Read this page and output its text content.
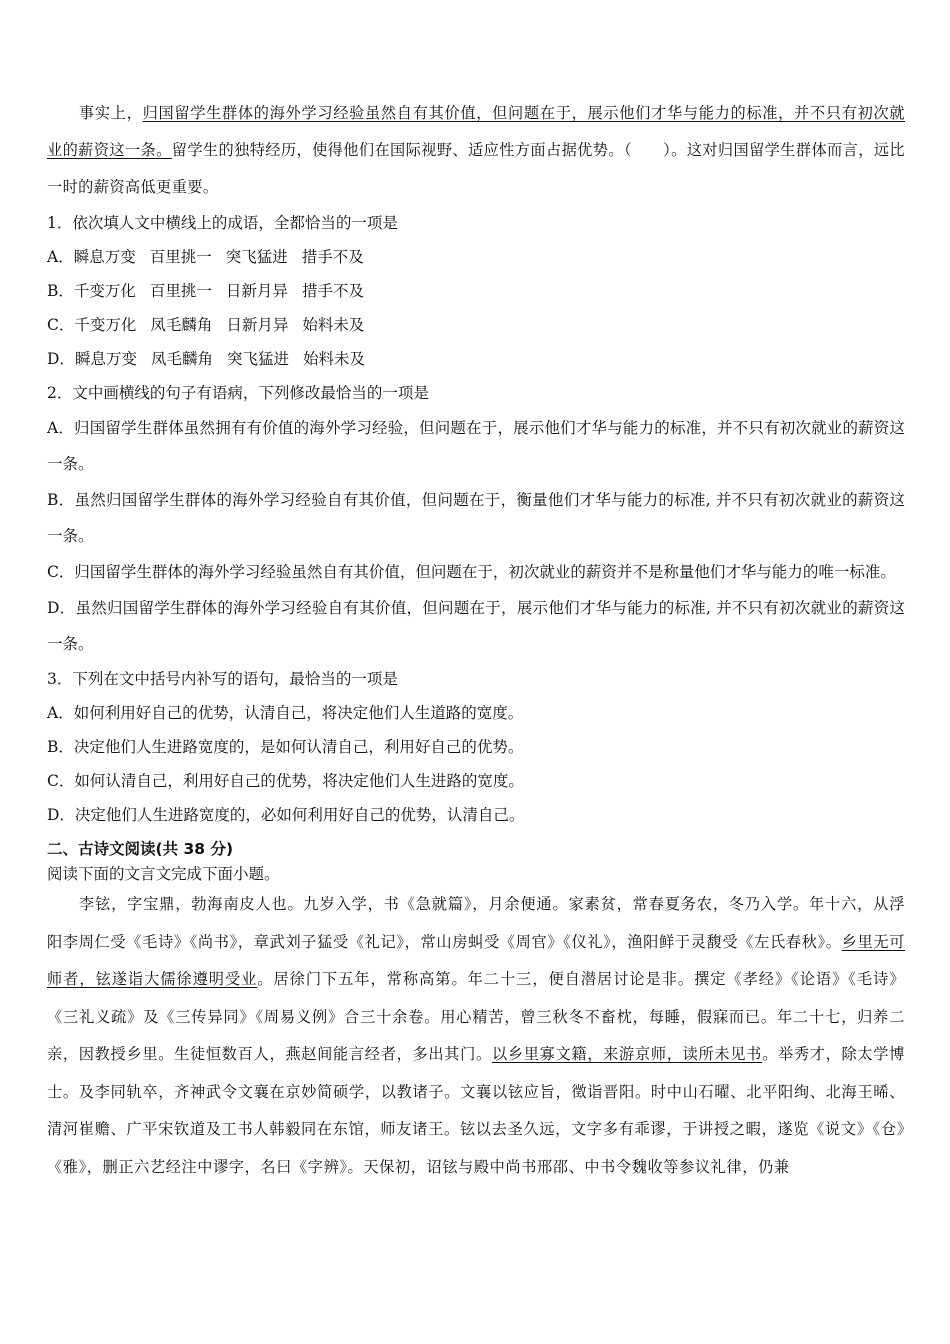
事实上，归国留学生群体的海外学习经验虽然自有其价值，但问题在于，展示他们才华与能力的标准，并不只有初次就业的薪资这一条。留学生的独特经历，使得他们在国际视野、适应性方面占据优势。（　　）。这对归国留学生群体而言，远比一时的薪资高低更重要。

1．依次填人文中横线上的成语，全都恰当的一项是

A．瞬息万变 百里挑一 突飞猛进 措手不及

B．千变万化 百里挑一 日新月异 措手不及

C．千变万化 凤毛麟角 日新月异 始料未及

D．瞬息万变 凤毛麟角 突飞猛进 始料未及

2．文中画横线的句子有语病，下列修改最恰当的一项是

A．归国留学生群体虽然拥有有价值的海外学习经验，但问题在于，展示他们才华与能力的标准，并不只有初次就业的薪资这一条。

B．虽然归国留学生群体的海外学习经验自有其价值，但问题在于，衡量他们才华与能力的标准, 并不只有初次就业的薪资这一条。

C．归国留学生群体的海外学习经验虽然自有其价值，但问题在于，初次就业的薪资并不是称量他们才华与能力的唯一标准。

D．虽然归国留学生群体的海外学习经验自有其价值，但问题在于，展示他们才华与能力的标准, 并不只有初次就业的薪资这一条。

3．下列在文中括号内补写的语句，最恰当的一项是

A．如何利用好自己的优势，认清自己，将决定他们人生道路的宽度。

B．决定他们人生进路宽度的，是如何认清自己，利用好自己的优势。

C．如何认清自己，利用好自己的优势，将决定他们人生进路的宽度。

D．决定他们人生进路宽度的，必如何利用好自己的优势，认清自己。

二、古诗文阅读(共 38 分)

阅读下面的文言文完成下面小题。

李铉，字宝鼎，勃海南皮人也。九岁入学，书《急就篇》，月余便通。家素贫，常春夏务农，冬乃入学。年十六，从浮阳李周仁受《毛诗》《尚书》，章武刘子猛受《礼记》，常山房虯受《周官》《仪礼》，渔阳鲜于灵馥受《左氏春秋》。乡里无可师者，铉遂诣大儒徐遵明受业。居徐门下五年，常称高第。年二十三，便自潜居讨论是非。撰定《孝经》《论语》《毛诗》《三礼义疏》及《三传异同》《周易义例》合三十余卷。用心精苦，曾三秋冬不畜枕，每睡，假寐而已。年二十七，归养二亲，因教授乡里。生徒恒数百人，燕赵间能言经者，多出其门。以乡里寡文籍，来游京师，读所未见书。举秀才，除太学博士。及李同轨卒，齐神武令文襄在京妙简硕学，以教诸子。文襄以铉应旨，徵诣晋阳。时中山石曜、北平阳绚、北海王晞、清河崔赡、广平宋钦道及工书人韩毅同在东馆，师友诸王。铉以去圣久远，文字多有乖谬，于讲授之暇，遂览《说文》《仓》《雅》，删正六艺经注中谬字，名曰《字辨》。天保初，诏铉与殿中尚书邢邵、中书令魏收等参议礼律，仍兼
